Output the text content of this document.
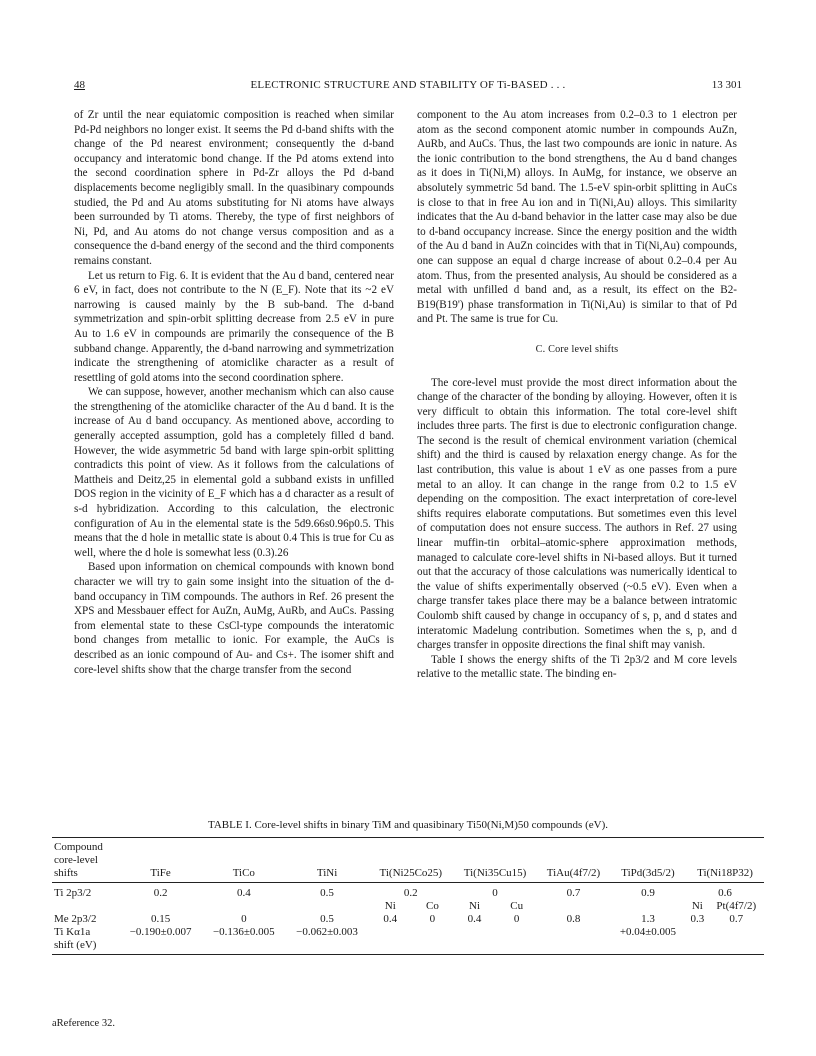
48	ELECTRONIC STRUCTURE AND STABILITY OF Ti-BASED . . .	13 301

of Zr until the near equiatomic composition is reached when similar Pd-Pd neighbors no longer exist. It seems the Pd d-band shifts with the change of the Pd nearest environment; consequently the d-band occupancy and interatomic bond change. If the Pd atoms extend into the second coordination sphere in Pd-Zr alloys the Pd d-band displacements become negligibly small. In the quasibinary compounds studied, the Pd and Au atoms substituting for Ni atoms have always been surrounded by Ti atoms. Thereby, the type of first neighbors of Ni, Pd, and Au atoms do not change versus composition and as a consequence the d-band energy of the second and the third components remains constant.

Let us return to Fig. 6. It is evident that the Au d band, centered near 6 eV, in fact, does not contribute to the N (E_F). Note that its ~2 eV narrowing is caused mainly by the B sub-band. The d-band symmetrization and spin-orbit splitting decrease from 2.5 eV in pure Au to 1.6 eV in compounds are primarily the consequence of the B subband change. Apparently, the d-band narrowing and symmetrization indicate the strengthening of atomiclike character as a result of resettling of gold atoms into the second coordination sphere.

We can suppose, however, another mechanism which can also cause the strengthening of the atomiclike character of the Au d band. It is the increase of Au d band occupancy. As mentioned above, according to generally accepted assumption, gold has a completely filled d band. However, the wide asymmetric 5d band with large spin-orbit splitting contradicts this point of view. As it follows from the calculations of Mattheis and Deitz,25 in elemental gold a subband exists in unfilled DOS region in the vicinity of E_F which has a d character as a result of s-d hybridization. According to this calculation, the electronic configuration of Au in the elemental state is the 5d9.66s0.96p0.5. This means that the d hole in metallic state is about 0.4 This is true for Cu as well, where the d hole is somewhat less (0.3).26

Based upon information on chemical compounds with known bond character we will try to gain some insight into the situation of the d-band occupancy in TiM compounds. The authors in Ref. 26 present the XPS and Messbauer effect for AuZn, AuMg, AuRb, and AuCs. Passing from elemental state to these CsCl-type compounds the interatomic bond changes from metallic to ionic. For example, the AuCs is described as an ionic compound of Au- and Cs+. The isomer shift and core-level shifts show that the charge transfer from the second

component to the Au atom increases from 0.2–0.3 to 1 electron per atom as the second component atomic number in compounds AuZn, AuRb, and AuCs. Thus, the last two compounds are ionic in nature. As the ionic contribution to the bond strengthens, the Au d band changes as it does in Ti(Ni,M) alloys. In AuMg, for instance, we observe an absolutely symmetric 5d band. The 1.5-eV spin-orbit splitting in AuCs is close to that in free Au ion and in Ti(Ni,Au) alloys. This similarity indicates that the Au d-band behavior in the latter case may also be due to d-band occupancy increase. Since the energy position and the width of the Au d band in AuZn coincides with that in Ti(Ni,Au) compounds, one can suppose an equal d charge increase of about 0.2–0.4 per Au atom. Thus, from the presented analysis, Au should be considered as a metal with unfilled d band and, as a result, its effect on the B2-B19(B19') phase transformation in Ti(Ni,Au) is similar to that of Pd and Pt. The same is true for Cu.

C. Core level shifts

The core-level must provide the most direct information about the change of the character of the bonding by alloying. However, often it is very difficult to obtain this information. The total core-level shift includes three parts. The first is due to electronic configuration change. The second is the result of chemical environment variation (chemical shift) and the third is caused by relaxation energy change. As for the last contribution, this value is about 1 eV as one passes from a pure metal to an alloy. It can change in the range from 0.2 to 1.5 eV depending on the composition. The exact interpretation of core-level shifts requires elaborate computations. But sometimes even this level of computation does not ensure success. The authors in Ref. 27 using linear muffin-tin orbital–atomic-sphere approximation methods, managed to calculate core-level shifts in Ni-based alloys. But it turned out that the accuracy of those calculations was numerically identical to the value of shifts experimentally observed (~0.5 eV). Even when a charge transfer takes place there may be a balance between intratomic Coulomb shift caused by change in occupancy of s, p, and d states and interatomic Madelung contribution. Sometimes when the s, p, and d charges transfer in opposite directions the final shift may vanish.

Table I shows the energy shifts of the Ti 2p3/2 and M core levels relative to the metallic state. The binding en-

TABLE I. Core-level shifts in binary TiM and quasibinary Ti50(Ni,M)50 compounds (eV).
Compound
core-level
shifts	TiFe	TiCo	TiNi	Ti(Ni25Co25)		Ti(Ni35Cu15)		TiAu(4f7/2)	TiPd(3d5/2)	Ti(Ni18P32)	

Ti 2p3/2	0.2	0.4	0.5	0.2		0		0.7	0.9	0.6	
				Ni	Co	Ni	Cu			Ni	Pt(4f7/2)
Me 2p3/2	0.15	0	0.5	0.4	0	0.4	0	0.8	1.3	0.3	0.7
Ti Kα1a	−0.190±0.007	−0.136±0.005	−0.062±0.003						+0.04±0.005		
shift (eV)											
aReference 32.
